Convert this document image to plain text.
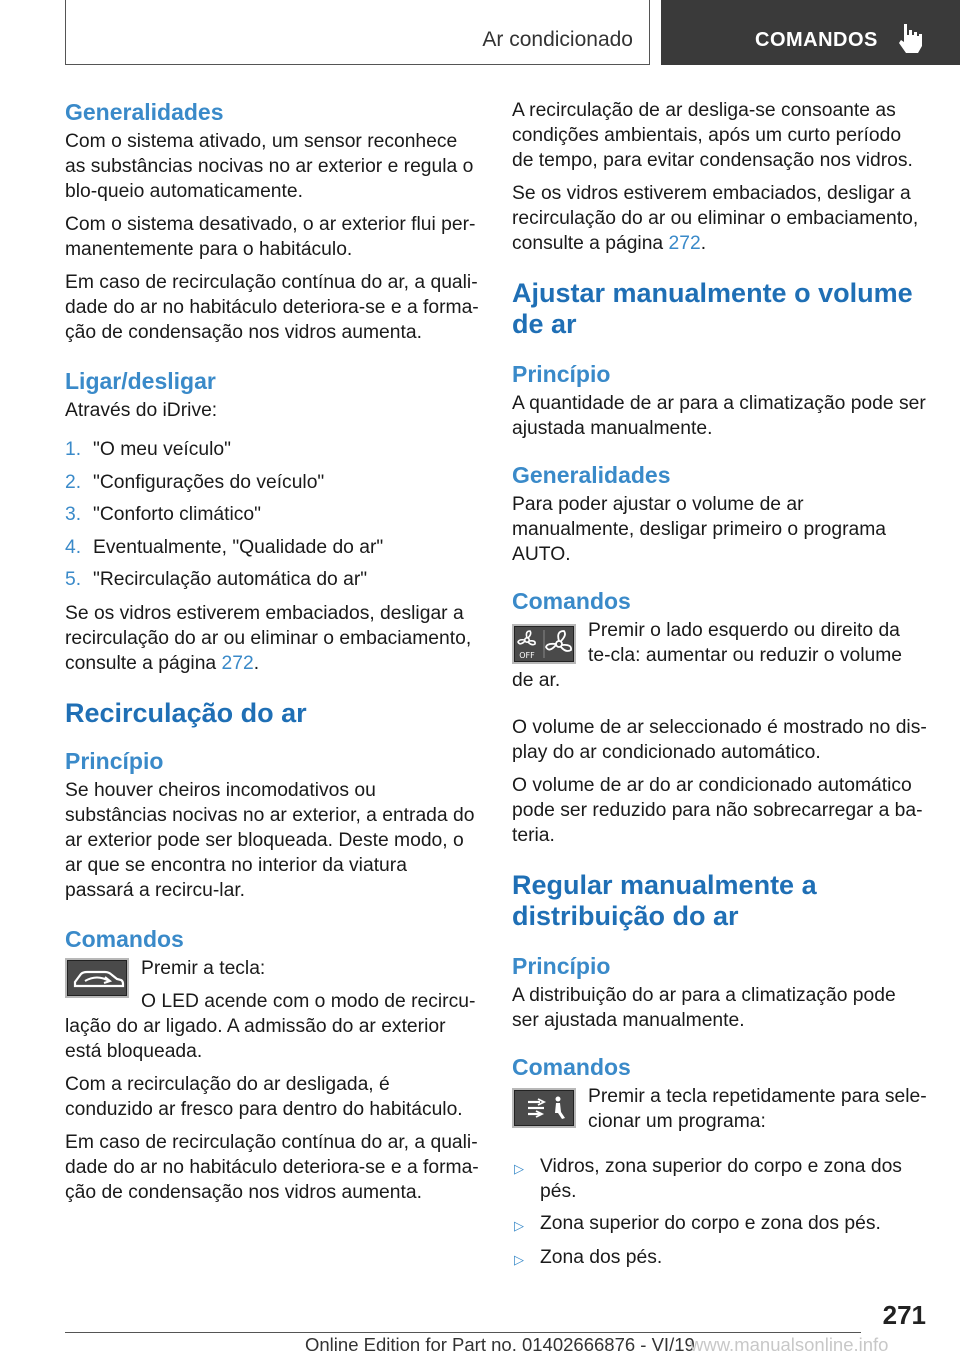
Ar condicionado	COMANDOS
Generalidades

Com o sistema ativado, um sensor reconhece as substâncias nocivas no ar exterior e regula o blo-queio automaticamente.

Com o sistema desativado, o ar exterior flui per-manentemente para o habitáculo.

Em caso de recirculação contínua do ar, a quali-dade do ar no habitáculo deteriora-se e a forma-ção de condensação nos vidros aumenta.

Ligar/desligar

Através do iDrive:

1. "O meu veículo"
2. "Configurações do veículo"
3. "Conforto climático"
4. Eventualmente, "Qualidade do ar"
5. "Recirculação automática do ar"

Se os vidros estiverem embaciados, desligar a recirculação do ar ou eliminar o embaciamento, consulte a página 272.

Recirculação do ar
Princípio

Se houver cheiros incomodativos ou substâncias nocivas no ar exterior, a entrada do ar exterior pode ser bloqueada. Deste modo, o ar que se encontra no interior da viatura passará a recircu-lar.

Comandos

Premir a tecla:

O LED acende com o modo de recircu-lação do ar ligado. A admissão do ar exterior está bloqueada.

Com a recirculação do ar desligada, é conduzido ar fresco para dentro do habitáculo.

Em caso de recirculação contínua do ar, a quali-dade do ar no habitáculo deteriora-se e a forma-ção de condensação nos vidros aumenta.

A recirculação de ar desliga-se consoante as condições ambientais, após um curto período de tempo, para evitar condensação nos vidros.

Se os vidros estiverem embaciados, desligar a recirculação do ar ou eliminar o embaciamento, consulte a página 272.

Ajustar manualmente o volume de ar
Princípio

A quantidade de ar para a climatização pode ser ajustada manualmente.

Generalidades

Para poder ajustar o volume de ar manualmente, desligar primeiro o programa AUTO.

Comandos
OFF

Premir o lado esquerdo ou direito da te-cla: aumentar ou reduzir o volume de ar.

O volume de ar seleccionado é mostrado no dis-play do ar condicionado automático.

O volume de ar do ar condicionado automático pode ser reduzido para não sobrecarregar a ba-teria.

Regular manualmente a distribuição do ar
Princípio

A distribuição do ar para a climatização pode ser ajustada manualmente.

Comandos

Premir a tecla repetidamente para sele-cionar um programa:

▷ Vidros, zona superior do corpo e zona dos pés.
▷ Zona superior do corpo e zona dos pés.
▷ Zona dos pés.
271
Online Edition for Part no. 01402666876 - VI/19
www.manualsonline.info
